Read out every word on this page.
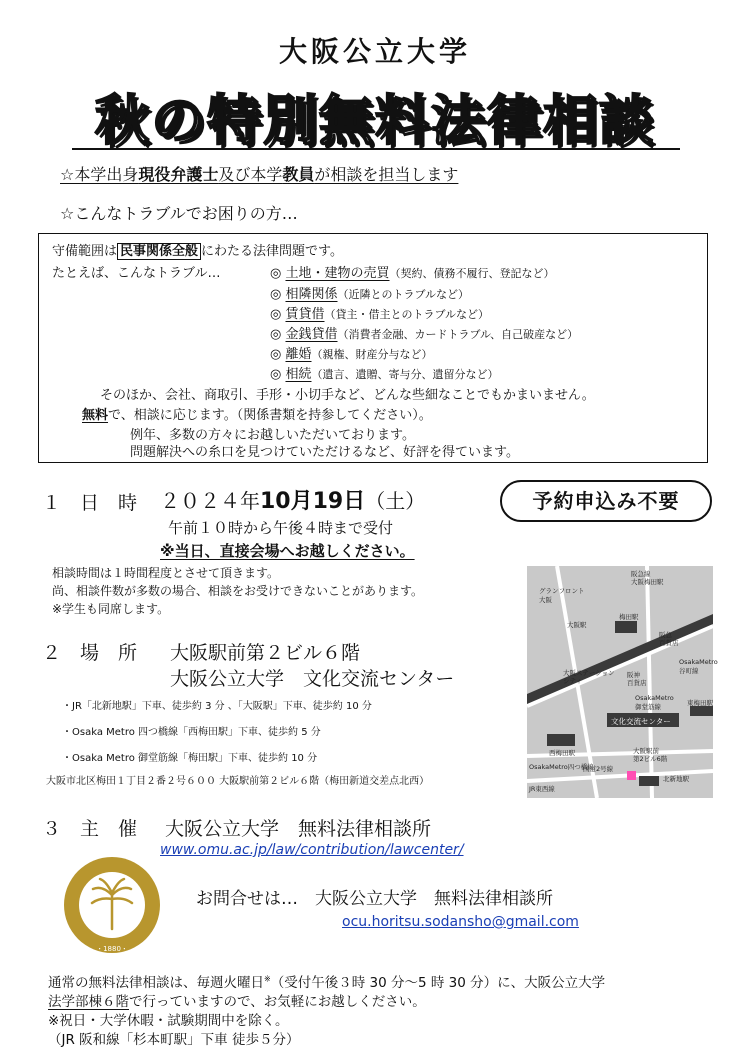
大阪公立大学
秋の特別無料法律相談
☆本学出身現役弁護士及び本学教員が相談を担当します
☆こんなトラブルでお困りの方…
守備範囲は 民事関係全般 にわたる法律問題です。
たとえば、こんなトラブル…	◎ 土地・建物の売買（契約、債務不履行、登記など）
◎ 相隣関係（近隣とのトラブルなど）
◎ 賃貸借（貸主・借主とのトラブルなど）
◎ 金銭貸借（消費者金融、カードトラブル、自己破産など）
◎ 離婚（親権、財産分与など）
◎ 相続（遺言、遺贈、寄与分、遺留分など）
そのほか、会社、商取引、手形・小切手など、どんな些細なことでもかまいません。
無料で、相談に応じます。（関係書類を持参してください）。
例年、多数の方々にお越しいただいております。
問題解決への糸口を見つけていただけるなど、好評を得ています。
１　日　時 ２０２４年10月19日（土）	予約申込み不要
午前１０時から午後４時まで受付
※当日、直接会場へお越しください。
相談時間は１時間程度とさせて頂きます。
尚、相談件数が多数の場合、相談をお受けできないことがあります。
※学生も同席します。
２　場　所 大阪駅前第２ビル６階
大阪公立大学　文化交流センター
・JR「北新地駅」下車、徒歩約 3 分 、「大阪駅」下車、徒歩約 10 分
・Osaka Metro 四つ橋線「西梅田駅」下車、徒歩約 5 分
・Osaka Metro 御堂筋線「梅田駅」下車、徒歩約 10 分
大阪市北区梅田１丁目２番２号６００ 大阪駅前第２ビル６階（梅田新道交差点北西）
阪急線
大阪梅田駅
グランフロント
大阪
大阪駅
梅田駅
阪急
百貨店
OsakaMetro
谷町線
大阪ステーション
シティ
阪神
百貨店
OsakaMetro
御堂筋線	東梅田駅
文化交流センター
西梅田駅	大阪駅前
第2ビル6階
OsakaMetro四つ橋線
国道2号線
北新地駅
JR東西線
３　主　催 大阪公立大学　無料法律相談所
www.omu.ac.jp/law/contribution/lawcenter/
・1880・
お問合せは…　大阪公立大学　無料法律相談所
ocu.horitsu.sodansho@gmail.com
通常の無料法律相談は、毎週火曜日※（受付午後３時 30 分～5 時 30 分）に、大阪公立大学
法学部棟６階で行っていますので、お気軽にお越しください。
※祝日・大学休暇・試験期間中を除く。
（JR 阪和線「杉本町駅」下車 徒歩５分）
